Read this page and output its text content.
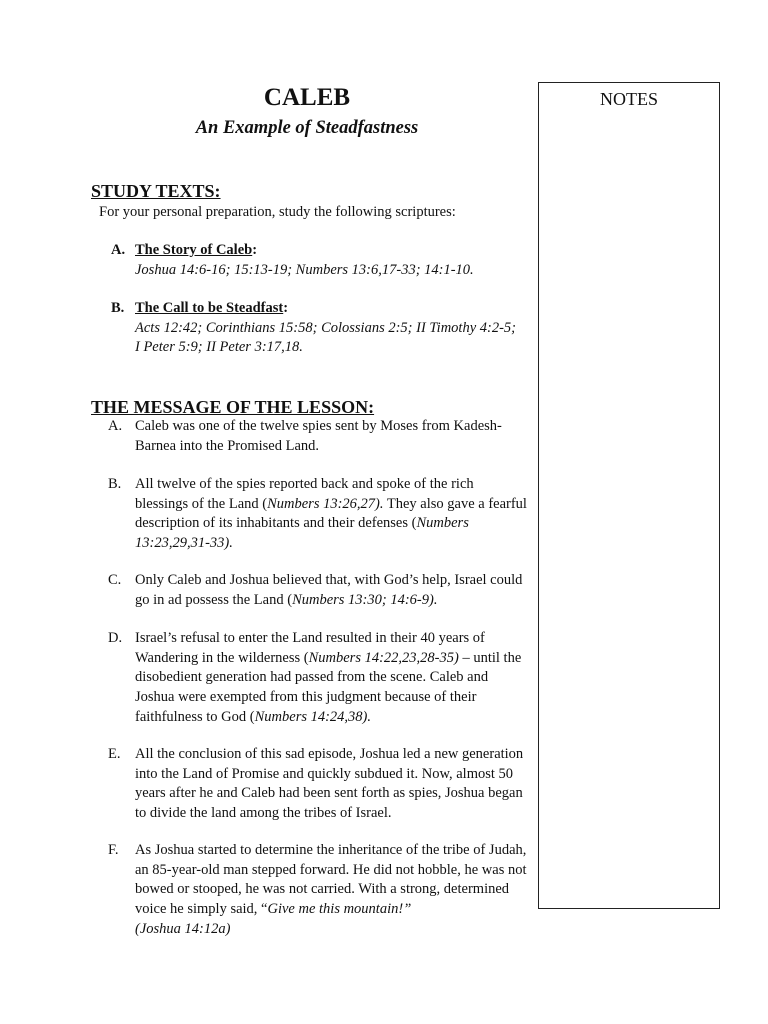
CALEB
An Example of Steadfastness
NOTES
STUDY TEXTS:
For your personal preparation, study the following scriptures:
A. The Story of Caleb:
Joshua 14:6-16; 15:13-19; Numbers 13:6,17-33; 14:1-10.
B. The Call to be Steadfast:
Acts 12:42; Corinthians 15:58; Colossians 2:5; II Timothy 4:2-5;
I Peter 5:9; II Peter 3:17,18.
THE MESSAGE OF THE LESSON:
A. Caleb was one of the twelve spies sent by Moses from Kadesh-Barnea into the Promised Land.
B. All twelve of the spies reported back and spoke of the rich blessings of the Land (Numbers 13:26,27). They also gave a fearful description of its inhabitants and their defenses (Numbers 13:23,29,31-33).
C. Only Caleb and Joshua believed that, with God’s help, Israel could go in ad possess the Land (Numbers 13:30; 14:6-9).
D. Israel’s refusal to enter the Land resulted in their 40 years of Wandering in the wilderness (Numbers 14:22,23,28-35) – until the disobedient generation had passed from the scene. Caleb and Joshua were exempted from this judgment because of their faithfulness to God (Numbers 14:24,38).
E. All the conclusion of this sad episode, Joshua led a new generation into the Land of Promise and quickly subdued it. Now, almost 50 years after he and Caleb had been sent forth as spies, Joshua began to divide the land among the tribes of Israel.
F. As Joshua started to determine the inheritance of the tribe of Judah, an 85-year-old man stepped forward. He did not hobble, he was not bowed or stooped, he was not carried. With a strong, determined voice he simply said, “Give me this mountain!”
(Joshua 14:12a)
